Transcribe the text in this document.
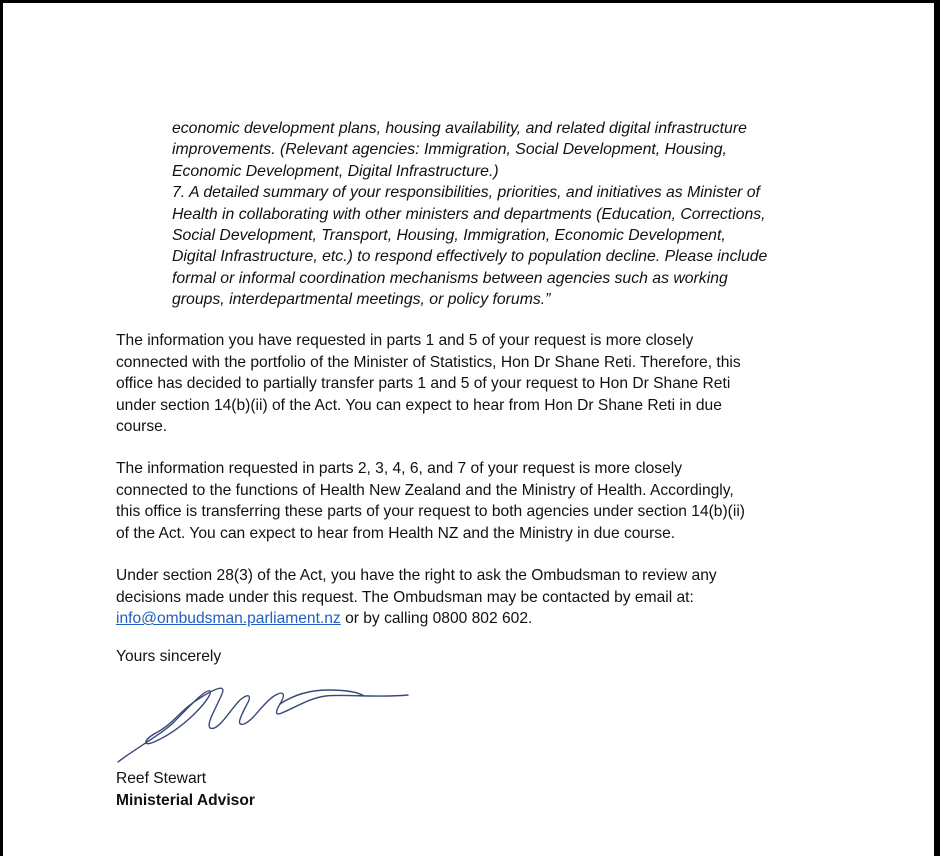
economic development plans, housing availability, and related digital infrastructure

improvements. (Relevant agencies: Immigration, Social Development, Housing,

Economic Development, Digital Infrastructure.)

7. A detailed summary of your responsibilities, priorities, and initiatives as Minister of

Health in collaborating with other ministers and departments (Education, Corrections,

Social Development, Transport, Housing, Immigration, Economic Development,

Digital Infrastructure, etc.) to respond effectively to population decline. Please include

formal or informal coordination mechanisms between agencies such as working

groups, interdepartmental meetings, or policy forums.”

The information you have requested in parts 1 and 5 of your request is more closely
connected with the portfolio of the Minister of Statistics, Hon Dr Shane Reti. Therefore, this
office has decided to partially transfer parts 1 and 5 of your request to Hon Dr Shane Reti
under section 14(b)(ii) of the Act. You can expect to hear from Hon Dr Shane Reti in due
course.
The information requested in parts 2, 3, 4, 6, and 7 of your request is more closely
connected to the functions of Health New Zealand and the Ministry of Health. Accordingly,
this office is transferring these parts of your request to both agencies under section 14(b)(ii)
of the Act. You can expect to hear from Health NZ and the Ministry in due course.
Under section 28(3) of the Act, you have the right to ask the Ombudsman to review any
decisions made under this request. The Ombudsman may be contacted by email at:
info@ombudsman.parliament.nz or by calling 0800 802 602.
Yours sincerely
Reef Stewart
Ministerial Advisor
